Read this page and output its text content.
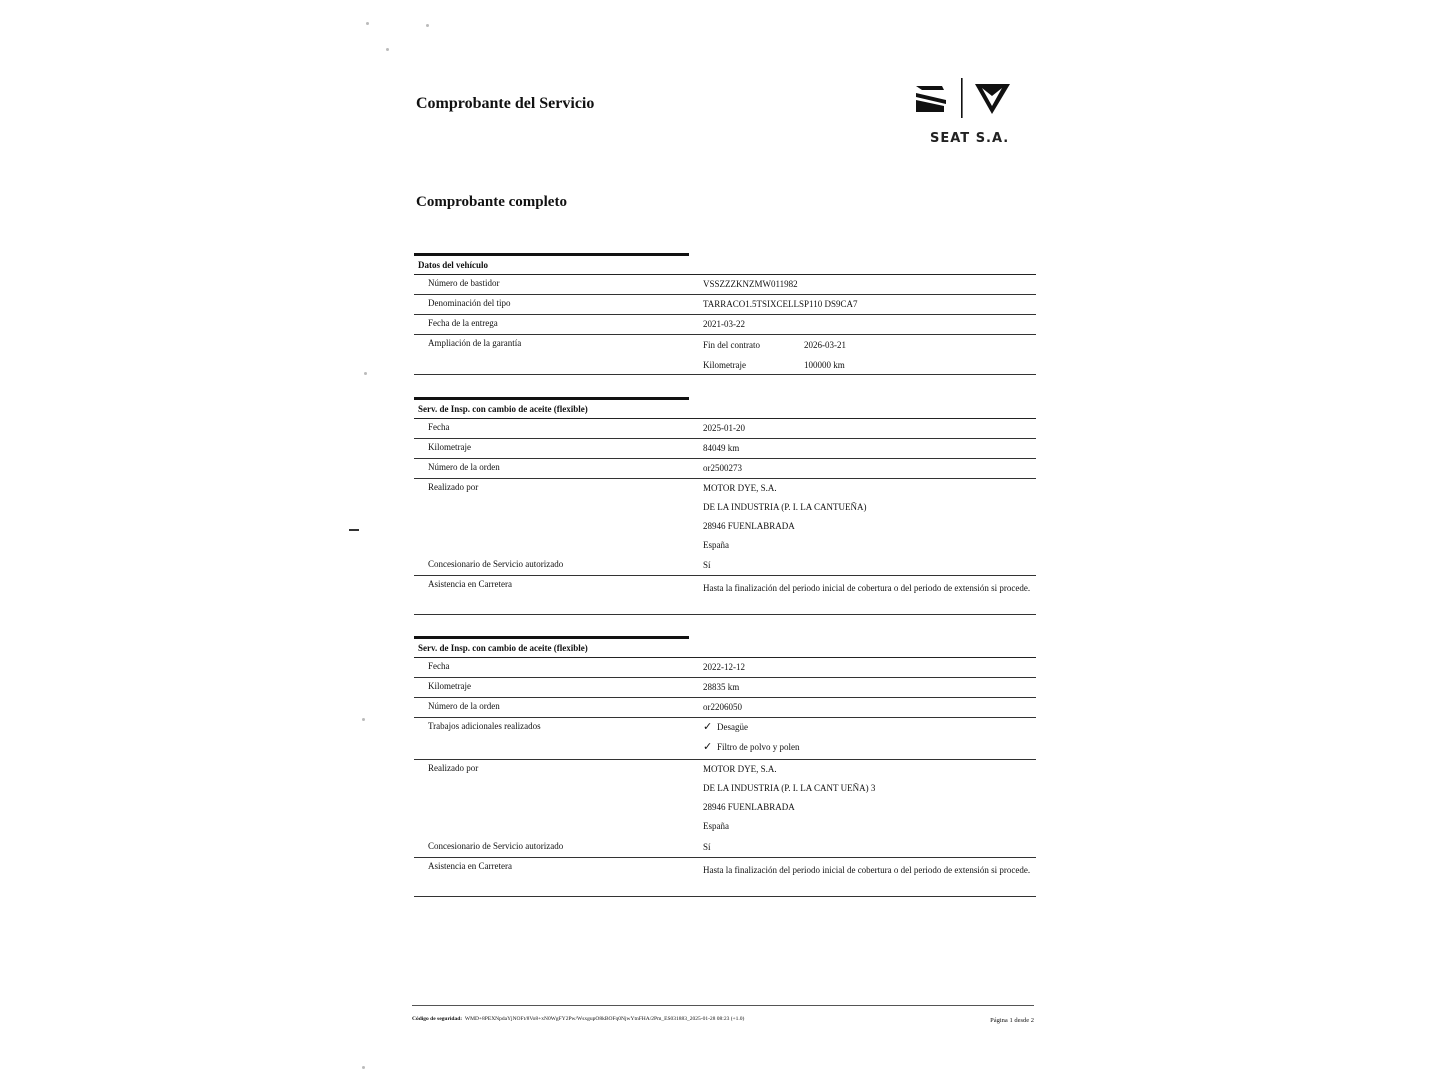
Comprobante del Servicio
Comprobante completo
SEAT S.A.
Datos del vehículo
Número de bastidor	VSSZZZKNZMW011982
Denominación del tipo	TARRACO1.5TSIXCELLSP110 DS9CA7
Fecha de la entrega	2021-03-22
Ampliación de la garantía	Fin del contrato	2026-03-21
Kilometraje	100000 km
Serv. de Insp. con cambio de aceite (flexible)
Fecha	2025-01-20
Kilometraje	84049 km
Número de la orden	or2500273
Realizado por	MOTOR DYE, S.A.
DE LA INDUSTRIA (P. I. LA CANTUEÑA)
28946 FUENLABRADA
España
Concesionario de Servicio autorizado	Sí
Asistencia en Carretera	Hasta la finalización del periodo inicial de cobertura o del periodo de extensión si procede.
Serv. de Insp. con cambio de aceite (flexible)
Fecha	2022-12-12
Kilometraje	28835 km
Número de la orden	or2206050
Trabajos adicionales realizados	✓ Desagüe
✓ Filtro de polvo y polen
Realizado por	MOTOR DYE, S.A.
DE LA INDUSTRIA (P. I. LA CANT UEÑA) 3
28946 FUENLABRADA
España
Concesionario de Servicio autorizado	Sí
Asistencia en Carretera	Hasta la finalización del periodo inicial de cobertura o del periodo de extensión si procede.
Código de seguridad: WMD+8PEXNpdaYjNOFt/8Vo8+xN0WgFY2Pw/WsxgupO8kBOFq0NjwYtnFHA/2Pm_ES031883_2025-01-28 08:23 (+1.0)	Página 1 desde 2
